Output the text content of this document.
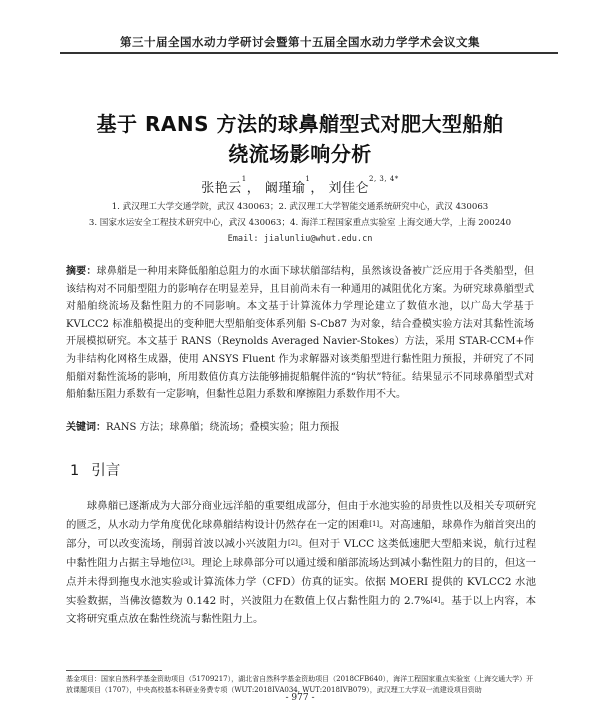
第三十届全国水动力学研讨会暨第十五届全国水动力学学术会议文集
基于 RANS 方法的球鼻艏型式对肥大型船舶
绕流场影响分析
张艳云$^1$， 阚瑾瑜$^1$， 刘佳仑$^{2, 3, 4*}$
1. 武汉理工大学交通学院，武汉 430063；2. 武汉理工大学智能交通系统研究中心，武汉 430063
3. 国家水运安全工程技术研究中心，武汉 430063；4. 海洋工程国家重点实验室 上海交通大学，上海 200240
Email: jialunliu@whut.edu.cn
摘要：球鼻艏是一种用来降低船舶总阻力的水面下球状艏部结构，虽然该设备被广泛应用于各类船型，但该结构对不同船型阻力的影响存在明显差异，且目前尚未有一种通用的减阻优化方案。为研究球鼻艏型式对船舶绕流场及黏性阻力的不同影响。本文基于计算流体力学理论建立了数值水池，以广岛大学基于 KVLCC2 标准船模提出的变种肥大型船舶变体系列船 S-Cb87 为对象，结合叠模实验方法对其黏性流场开展模拟研究。本文基于 RANS（Reynolds Averaged Navier-Stokes）方法，采用 STAR-CCM+作为非结构化网格生成器，使用 ANSYS Fluent 作为求解器对该类船型进行黏性阻力预报，并研究了不同船艏对黏性流场的影响，所用数值仿真方法能够捕捉船艉伴流的“钩状”特征。结果显示不同球鼻艏型式对船舶黏压阻力系数有一定影响，但黏性总阻力系数和摩擦阻力系数作用不大。
关键词：RANS 方法；球鼻艏；绕流场；叠模实验；阻力预报
1 引言
球鼻艏已逐渐成为大部分商业远洋船的重要组成部分，但由于水池实验的昂贵性以及相关专项研究的匮乏，从水动力学角度优化球鼻艏结构设计仍然存在一定的困难[1]。对高速船，球鼻作为艏首突出的部分，可以改变流场，削弱首波以减小兴波阻力[2]。但对于 VLCC 这类低速肥大型船来说，航行过程中黏性阻力占据主导地位[3]。理论上球鼻部分可以通过缓和艏部流场达到减小黏性阻力的目的，但这一点并未得到拖曳水池实验或计算流体力学（CFD）仿真的证实。依据 MOERI 提供的 KVLCC2 水池实验数据，当佛汝德数为 0.142 时，兴波阻力在数值上仅占黏性阻力的 2.7%[4]。基于以上内容，本文将研究重点放在黏性绕流与黏性阻力上。
基金项目：国家自然科学基金资助项目（51709217），湖北省自然科学基金资助项目（2018CFB640），海洋工程国家重点实验室（上海交通大学）开放课题项目（1707），中央高校基本科研业务费专项（WUT:2018IVA034, WUT:2018IVB079），武汉理工大学双一流建设项目资助
- 977 -
